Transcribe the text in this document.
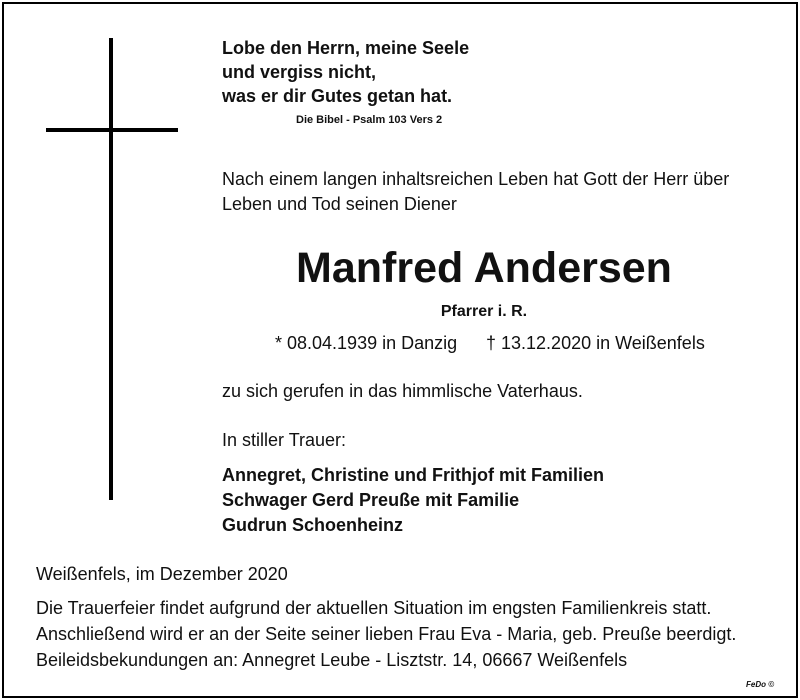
Lobe den Herrn, meine Seele
und vergiss nicht,
was er dir Gutes getan hat.
Die Bibel - Psalm 103 Vers 2
Nach einem langen inhaltsreichen Leben hat Gott der Herr über
Leben und Tod seinen Diener
Manfred Andersen
Pfarrer i. R.
* 08.04.1939 in Danzig † 13.12.2020 in Weißenfels
zu sich gerufen in das himmlische Vaterhaus.
In stiller Trauer:
Annegret, Christine und Frithjof mit Familien
Schwager Gerd Preuße mit Familie
Gudrun Schoenheinz
Weißenfels, im Dezember 2020
Die Trauerfeier findet aufgrund der aktuellen Situation im engsten Familienkreis statt.
Anschließend wird er an der Seite seiner lieben Frau Eva - Maria, geb. Preuße beerdigt.
Beileidsbekundungen an: Annegret Leube - Lisztstr. 14, 06667 Weißenfels
FeDo ©
